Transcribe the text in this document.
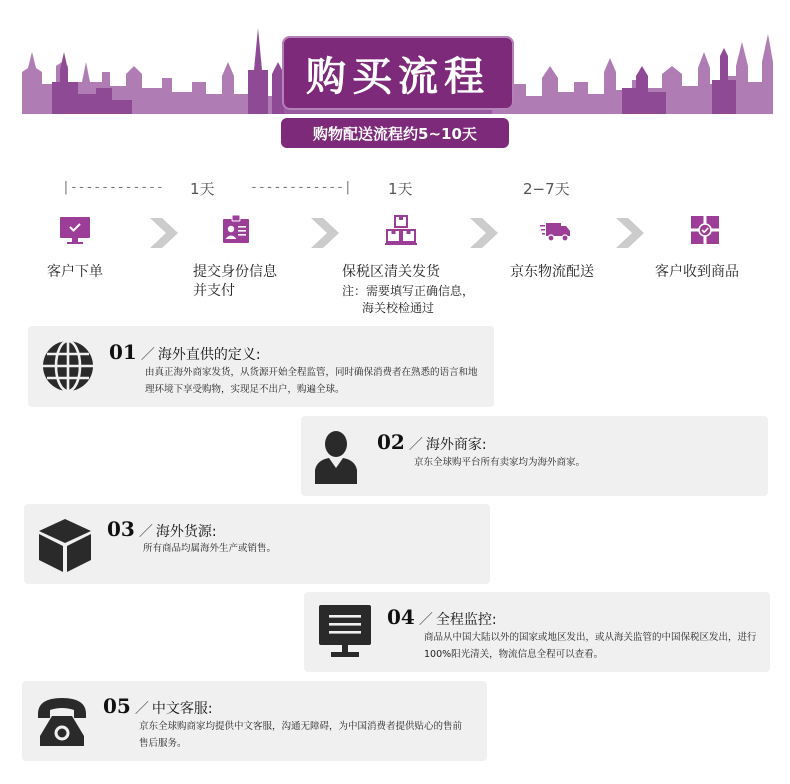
购买流程
购物配送流程约5~10天
|------------ 1天	------------| 1天	2−7天
客户下单	提交身份信息
并支付
保税区清关发货
注：需要填写正确信息，
海关校检通过
京东物流配送	客户收到商品
01 ／ 海外直供的定义:
由真正海外商家发货，从货源开始全程监管，同时确保消费者在熟悉的语言和地理环境下享受购物，实现足不出户，购遍全球。
02 ／ 海外商家:
京东全球购平台所有卖家均为海外商家。
03 ／ 海外货源:
所有商品均属海外生产或销售。
04 ／ 全程监控:
商品从中国大陆以外的国家或地区发出，或从海关监管的中国保税区发出，进行100%阳光清关，物流信息全程可以查看。
05 ／ 中文客服:
京东全球购商家均提供中文客服，沟通无障碍，为中国消费者提供贴心的售前售后服务。
